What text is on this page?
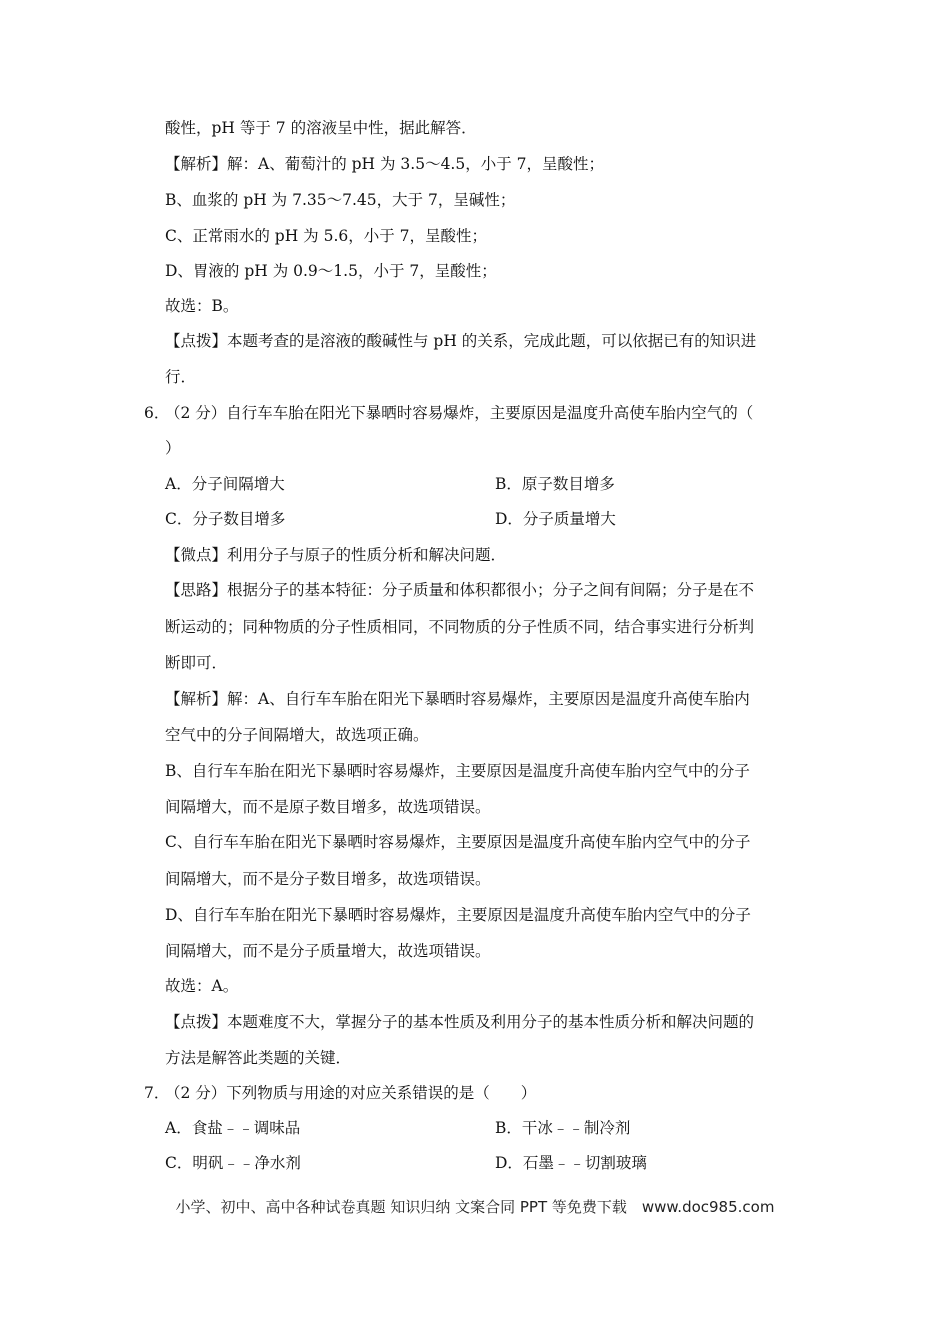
酸性，pH 等于 7 的溶液呈中性，据此解答．
【解析】解：A、葡萄汁的 pH 为 3.5～4.5，小于 7，呈酸性；
B、血浆的 pH 为 7.35～7.45，大于 7，呈碱性；
C、正常雨水的 pH 为 5.6，小于 7，呈酸性；
D、胃液的 pH 为 0.9～1.5，小于 7，呈酸性；
故选：B。
【点拨】本题考查的是溶液的酸碱性与 pH 的关系，完成此题，可以依据已有的知识进
行．
6．
（2 分）自行车车胎在阳光下暴晒时容易爆炸，主要原因是温度升高使车胎内空气的（
）
A．分子间隔增大	B．原子数目增多
C．分子数目增多	D．分子质量增大
【微点】利用分子与原子的性质分析和解决问题．
【思路】根据分子的基本特征：分子质量和体积都很小；分子之间有间隔；分子是在不
断运动的；同种物质的分子性质相同，不同物质的分子性质不同，结合事实进行分析判
断即可．
【解析】解：A、自行车车胎在阳光下暴晒时容易爆炸，主要原因是温度升高使车胎内
空气中的分子间隔增大，故选项正确。
B、自行车车胎在阳光下暴晒时容易爆炸，主要原因是温度升高使车胎内空气中的分子
间隔增大，而不是原子数目增多，故选项错误。
C、自行车车胎在阳光下暴晒时容易爆炸，主要原因是温度升高使车胎内空气中的分子
间隔增大，而不是分子数目增多，故选项错误。
D、自行车车胎在阳光下暴晒时容易爆炸，主要原因是温度升高使车胎内空气中的分子
间隔增大，而不是分子质量增大，故选项错误。
故选：A。
【点拨】本题难度不大，掌握分子的基本性质及利用分子的基本性质分析和解决问题的
方法是解答此类题的关键．
7．
（2 分）下列物质与用途的对应关系错误的是（　　）
A．食盐﹣﹣调味品	B．干冰﹣﹣制冷剂
C．明矾﹣﹣净水剂	D．石墨﹣﹣切割玻璃
小学、初中、高中各种试卷真题 知识归纳 文案合同 PPT 等免费下载　www.doc985.com
